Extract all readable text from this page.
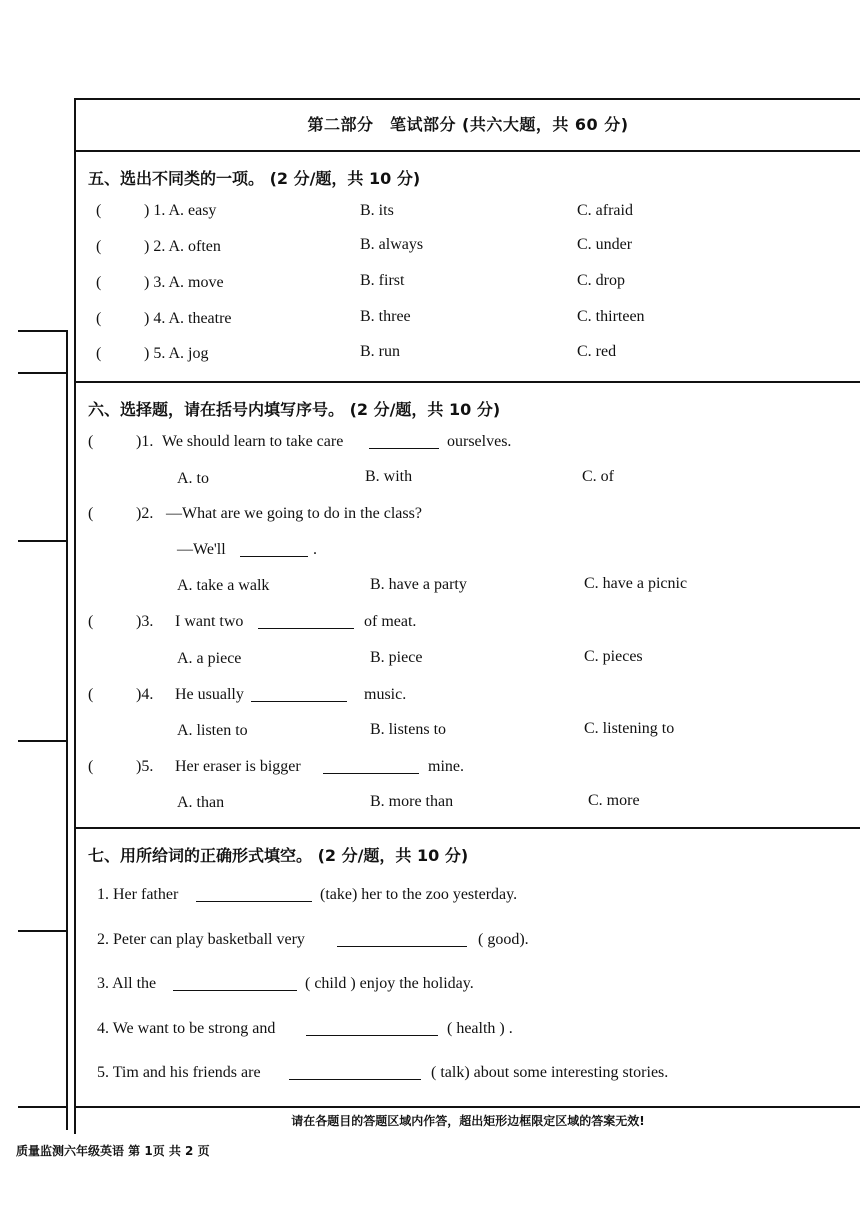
第二部分　笔试部分 (共六大题，共 60 分)
五、选出不同类的一项。 (2 分/题，共 10 分)
(	) 1. A. easy	B. its	C. afraid
(	) 2. A. often	B. always	C. under
(	) 3. A. move	B. first	C. drop
(	) 4. A. theatre	B. three	C. thirteen
(	) 5. A. jog	B. run	C. red
六、选择题，请在括号内填写序号。 (2 分/题，共 10 分)
(	)1. We should learn to take care	ourselves.
A. to	B. with	C. of
(	)2. —What are we going to do in the class?
—We'll	.
A. take a walk	B. have a party	C. have a picnic
(	)3. I want two	of meat.
A. a piece	B. piece	C. pieces
(	)4. He usually	music.
A. listen to	B. listens to	C. listening to
(	)5. Her eraser is bigger	mine.
A. than	B. more than	C. more
七、用所给词的正确形式填空。 (2 分/题，共 10 分)
1. Her father	(take) her to the zoo yesterday.
2. Peter can play basketball very	( good).
3. All the	( child ) enjoy the holiday.
4. We want to be strong and	( health ) .
5. Tim and his friends are	( talk) about some interesting stories.
请在各题目的答题区域内作答，超出矩形边框限定区域的答案无效!
质量监测六年级英语 第 1页 共 2 页
